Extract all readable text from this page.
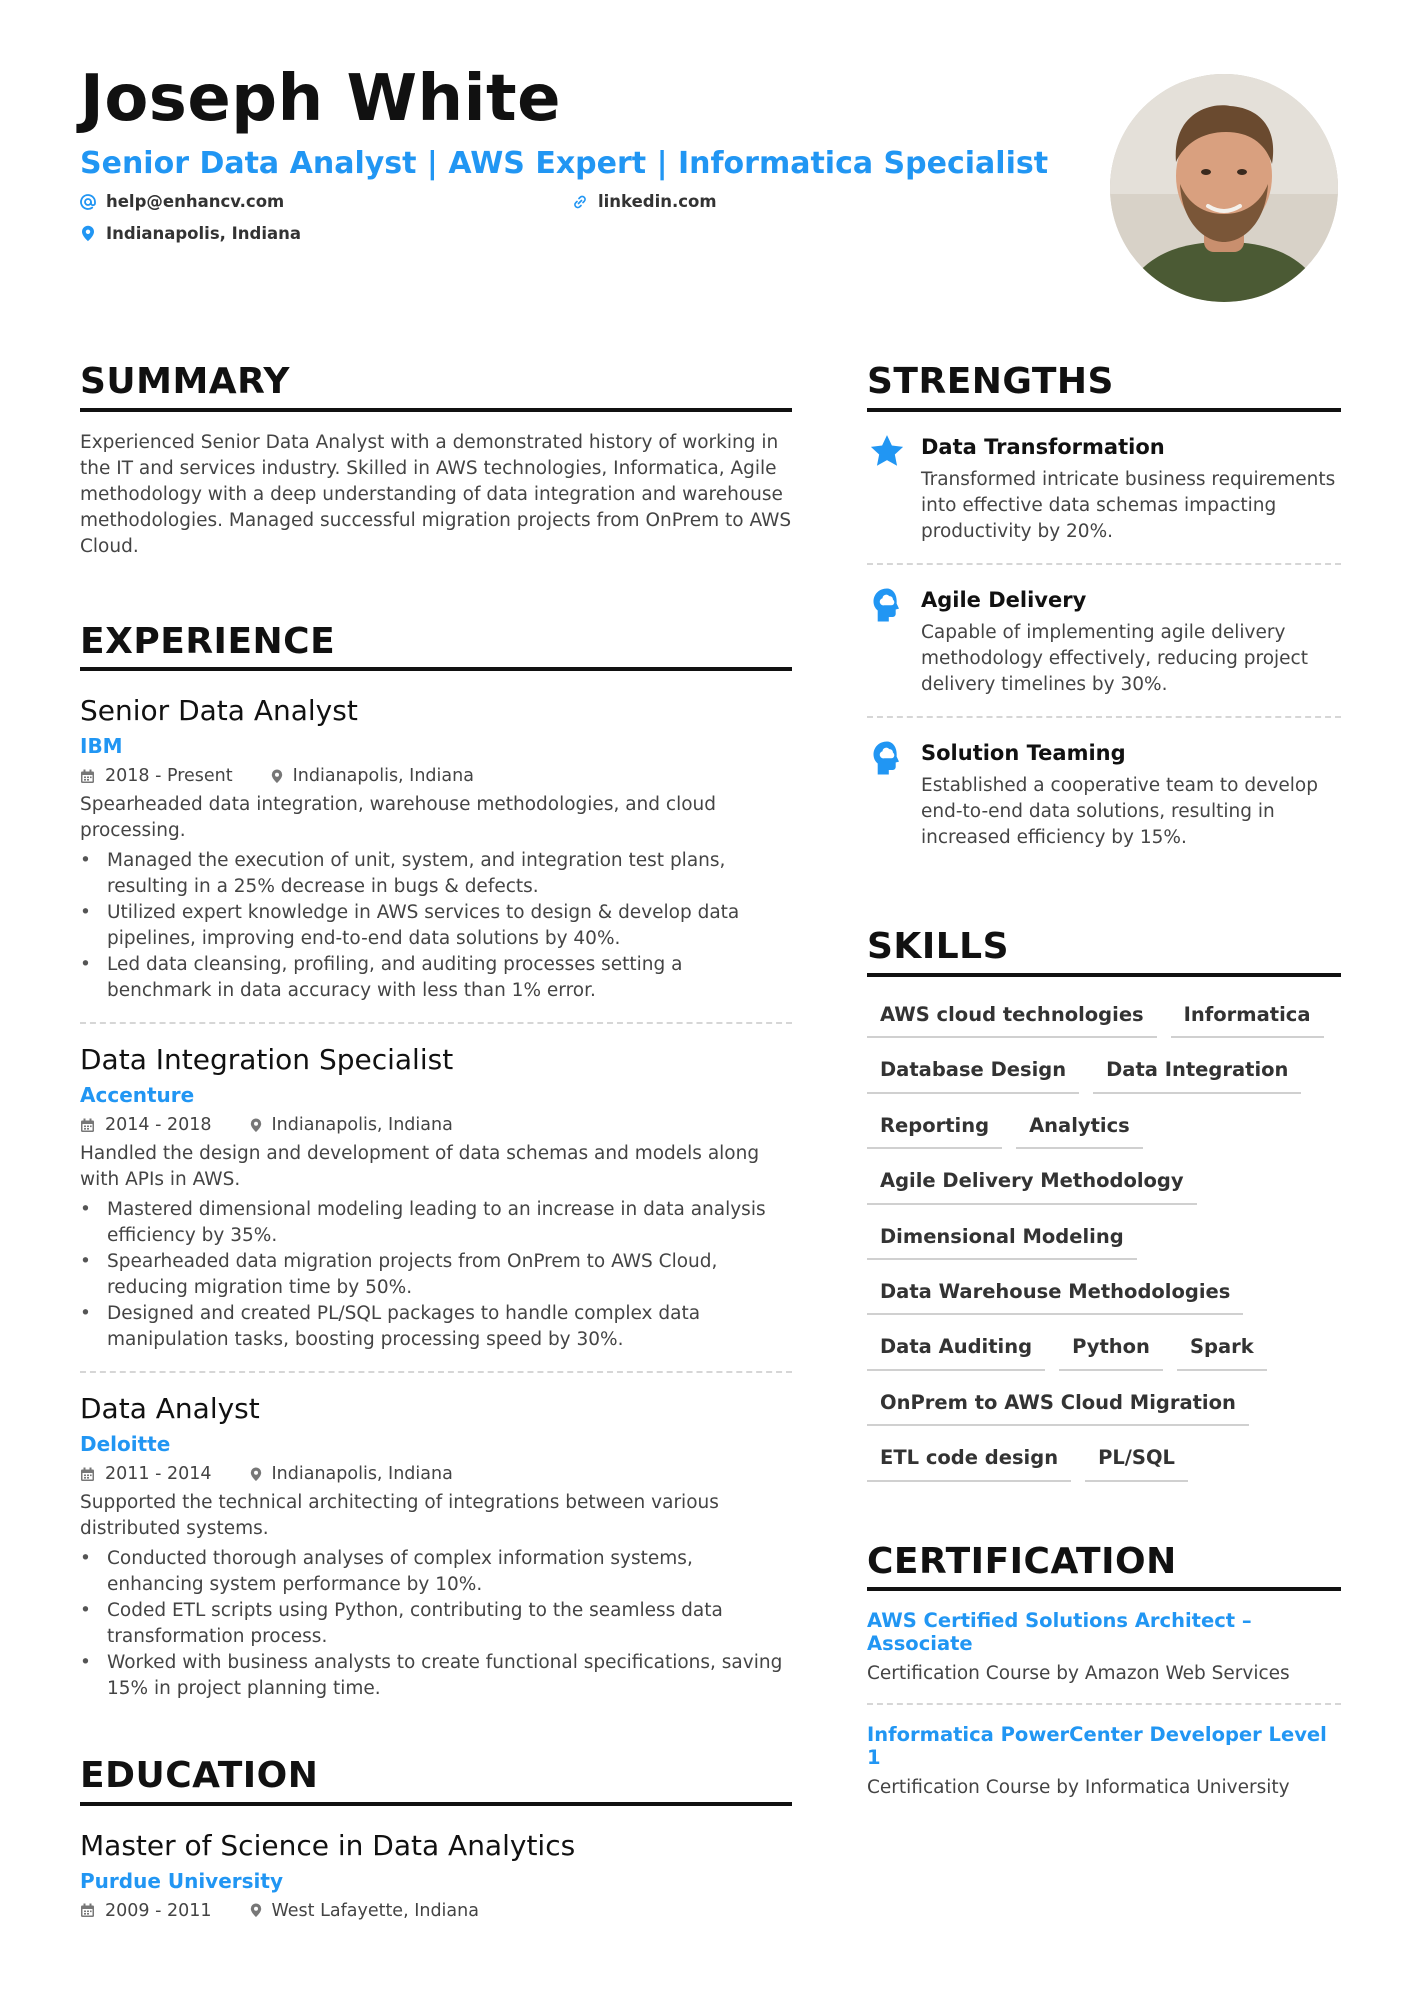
Joseph White
Senior Data Analyst | AWS Expert | Informatica Specialist
help@enhancv.com	linkedin.com
Indianapolis, Indiana
SUMMARY
Experienced Senior Data Analyst with a demonstrated history of working in the IT and services industry. Skilled in AWS technologies, Informatica, Agile methodology with a deep understanding of data integration and warehouse methodologies. Managed successful migration projects from OnPrem to AWS Cloud.
EXPERIENCE
Senior Data Analyst
IBM
2018 - Present	Indianapolis, Indiana
Spearheaded data integration, warehouse methodologies, and cloud processing.
• Managed the execution of unit, system, and integration test plans, resulting in a 25% decrease in bugs & defects.
• Utilized expert knowledge in AWS services to design & develop data pipelines, improving end-to-end data solutions by 40%.
• Led data cleansing, profiling, and auditing processes setting a benchmark in data accuracy with less than 1% error.
Data Integration Specialist
Accenture
2014 - 2018	Indianapolis, Indiana
Handled the design and development of data schemas and models along with APIs in AWS.
• Mastered dimensional modeling leading to an increase in data analysis efficiency by 35%.
• Spearheaded data migration projects from OnPrem to AWS Cloud, reducing migration time by 50%.
• Designed and created PL/SQL packages to handle complex data manipulation tasks, boosting processing speed by 30%.
Data Analyst
Deloitte
2011 - 2014	Indianapolis, Indiana
Supported the technical architecting of integrations between various distributed systems.
• Conducted thorough analyses of complex information systems, enhancing system performance by 10%.
• Coded ETL scripts using Python, contributing to the seamless data transformation process.
• Worked with business analysts to create functional specifications, saving 15% in project planning time.
EDUCATION
Master of Science in Data Analytics
Purdue University
2009 - 2011	West Lafayette, Indiana
STRENGTHS
Data Transformation
Transformed intricate business requirements into effective data schemas impacting productivity by 20%.
Agile Delivery
Capable of implementing agile delivery methodology effectively, reducing project delivery timelines by 30%.
Solution Teaming
Established a cooperative team to develop end-to-end data solutions, resulting in increased efficiency by 15%.
SKILLS
AWS cloud technologies	Informatica
Database Design	Data Integration
Reporting	Analytics
Agile Delivery Methodology
Dimensional Modeling
Data Warehouse Methodologies
Data Auditing	Python	Spark
OnPrem to AWS Cloud Migration
ETL code design	PL/SQL
CERTIFICATION
AWS Certified Solutions Architect – Associate
Certification Course by Amazon Web Services
Informatica PowerCenter Developer Level 1
Certification Course by Informatica University
